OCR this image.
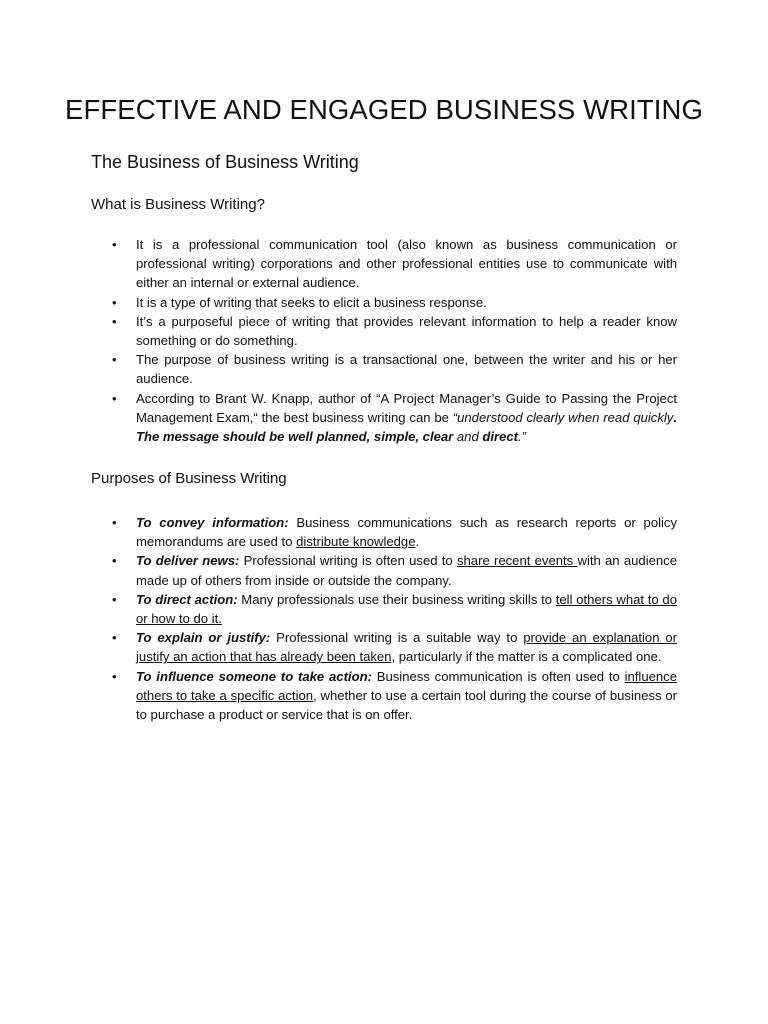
EFFECTIVE AND ENGAGED BUSINESS WRITING
The Business of Business Writing
What is Business Writing?
• It is a professional communication tool (also known as business communication or professional writing) corporations and other professional entities use to communicate with either an internal or external audience.
• It is a type of writing that seeks to elicit a business response.
• It’s a purposeful piece of writing that provides relevant information to help a reader know something or do something.
• The purpose of business writing is a transactional one, between the writer and his or her audience.
• According to Brant W. Knapp, author of “A Project Manager’s Guide to Passing the Project Management Exam,“ the best business writing can be “understood clearly when read quickly. The message should be well planned, simple, clear and direct.”
Purposes of Business Writing
• To convey information: Business communications such as research reports or policy memorandums are used to distribute knowledge.
• To deliver news: Professional writing is often used to share recent events with an audience made up of others from inside or outside the company.
• To direct action: Many professionals use their business writing skills to tell others what to do or how to do it.
• To explain or justify: Professional writing is a suitable way to provide an explanation or justify an action that has already been taken, particularly if the matter is a complicated one.
• To influence someone to take action: Business communication is often used to influence others to take a specific action, whether to use a certain tool during the course of business or to purchase a product or service that is on offer.
